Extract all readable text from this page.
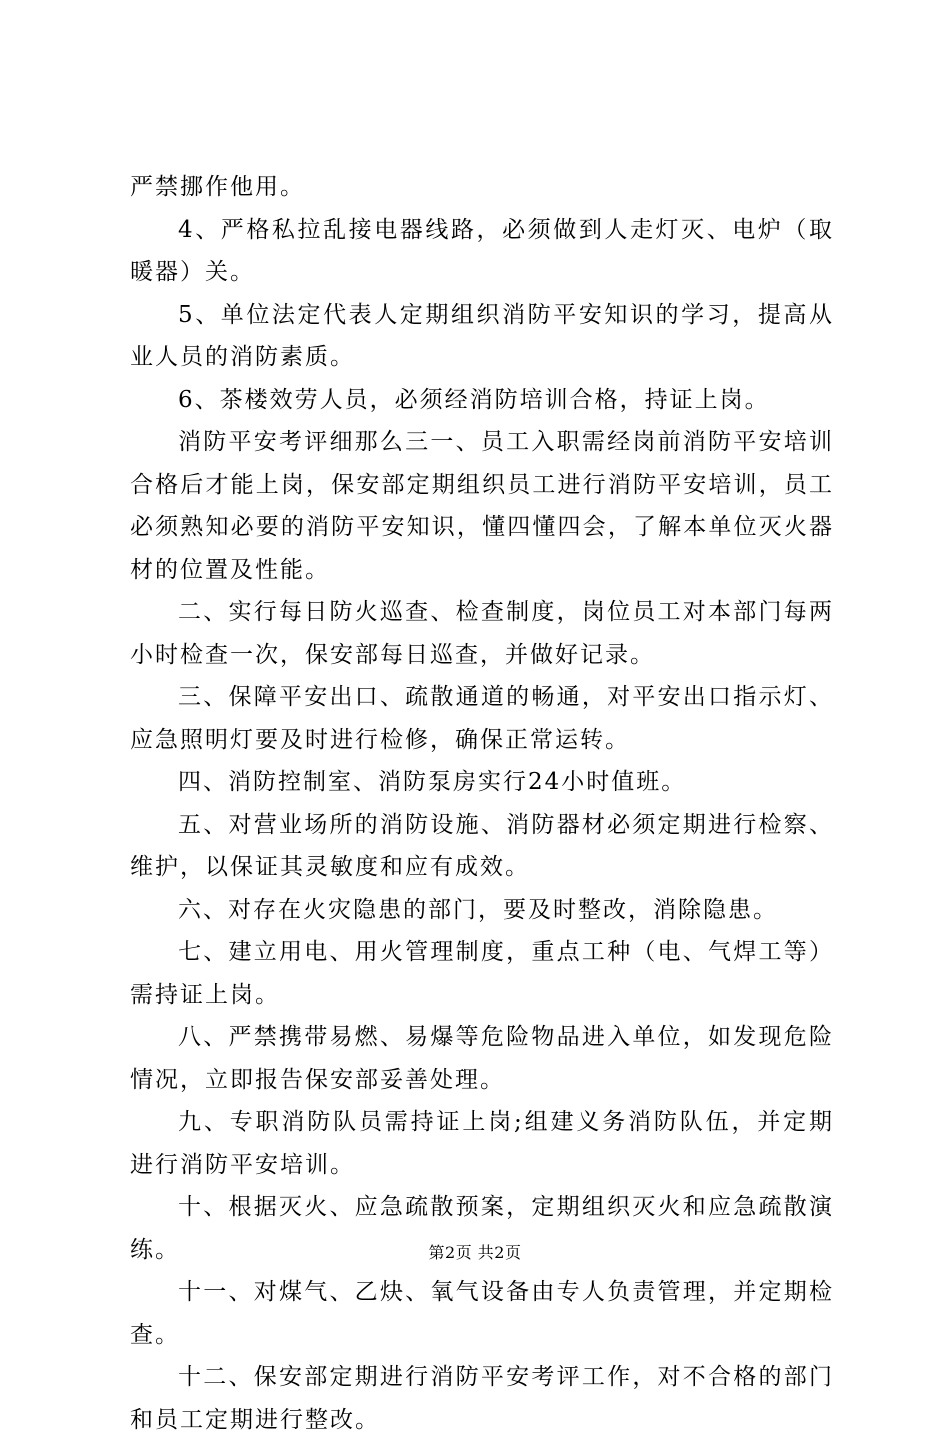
严禁挪作他用。

4、严格私拉乱接电器线路，必须做到人走灯灭、电炉（取暖器）关。

5、单位法定代表人定期组织消防平安知识的学习，提高从业人员的消防素质。

6、茶楼效劳人员，必须经消防培训合格，持证上岗。

消防平安考评细那么三一、员工入职需经岗前消防平安培训合格后才能上岗，保安部定期组织员工进行消防平安培训，员工必须熟知必要的消防平安知识，懂四懂四会，了解本单位灭火器材的位置及性能。

二、实行每日防火巡查、检查制度，岗位员工对本部门每两小时检查一次，保安部每日巡查，并做好记录。

三、保障平安出口、疏散通道的畅通，对平安出口指示灯、应急照明灯要及时进行检修，确保正常运转。

四、消防控制室、消防泵房实行24小时值班。

五、对营业场所的消防设施、消防器材必须定期进行检察、维护，以保证其灵敏度和应有成效。

六、对存在火灾隐患的部门，要及时整改，消除隐患。

七、建立用电、用火管理制度，重点工种（电、气焊工等）需持证上岗。

八、严禁携带易燃、易爆等危险物品进入单位，如发现危险情况，立即报告保安部妥善处理。

九、专职消防队员需持证上岗;组建义务消防队伍，并定期进行消防平安培训。

十、根据灭火、应急疏散预案，定期组织灭火和应急疏散演练。

十一、对煤气、乙炔、氧气设备由专人负责管理，并定期检查。

十二、保安部定期进行消防平安考评工作，对不合格的部门和员工定期进行整改。

第2页 共2页
